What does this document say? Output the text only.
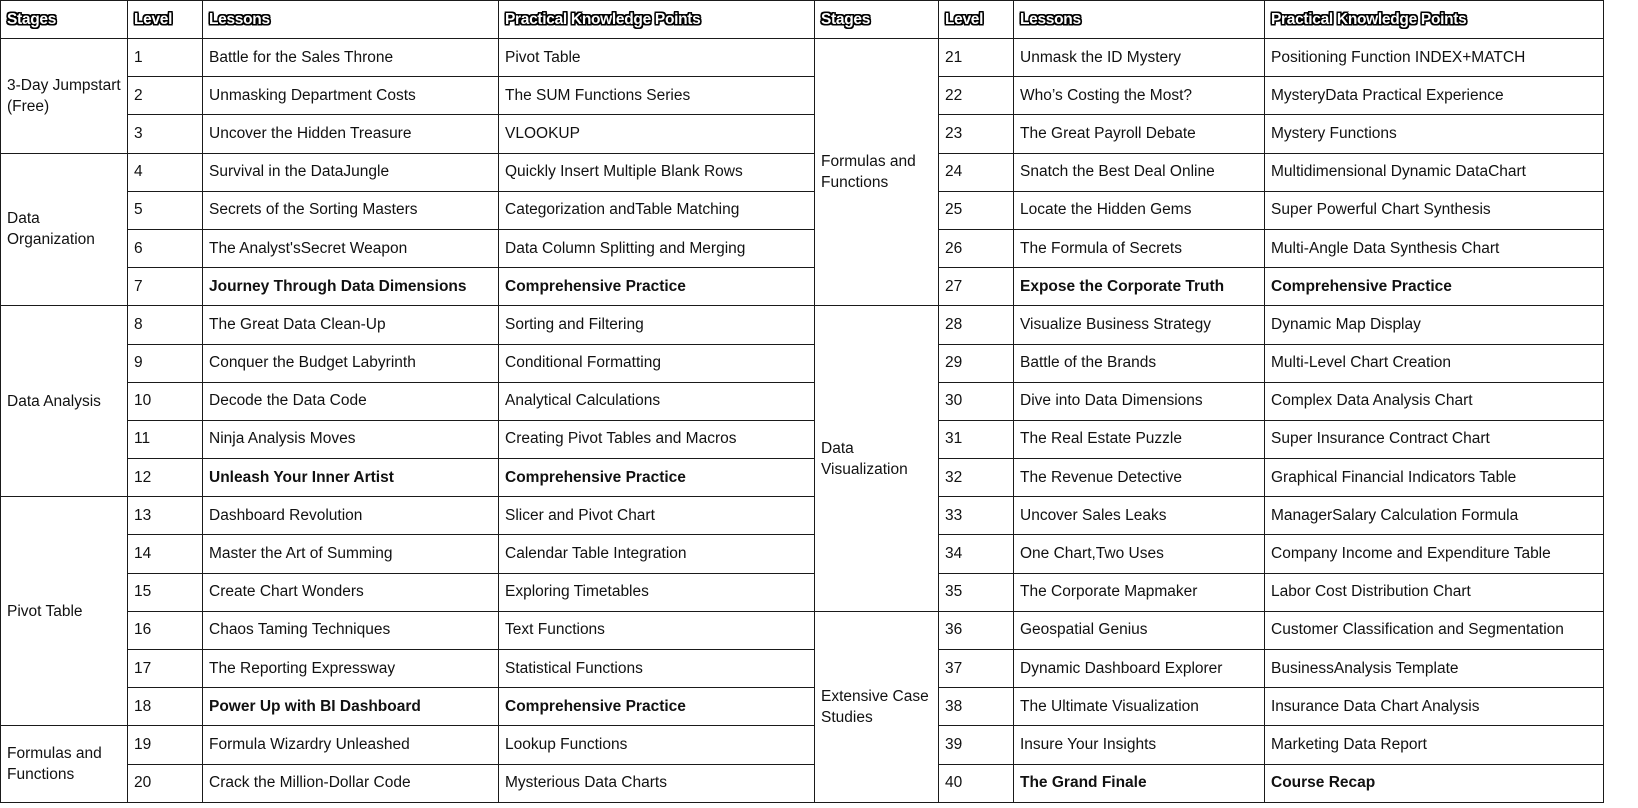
Stages	Level	Lessons	Practical Knowledge Points	Stages	Level	Lessons	Practical Knowledge Points
3-Day Jumpstart (Free)	1	Battle for the Sales Throne	Pivot Table	Formulas and Functions	21	Unmask the ID Mystery	Positioning Function INDEX+MATCH
	2	Unmasking Department Costs	The SUM Functions Series		22	Who’s Costing the Most?	MysteryData Practical Experience
	3	Uncover the Hidden Treasure	VLOOKUP		23	The Great Payroll Debate	Mystery Functions
Data Organization	4	Survival in the DataJungle	Quickly Insert Multiple Blank Rows		24	Snatch the Best Deal Online	Multidimensional Dynamic DataChart
	5	Secrets of the Sorting Masters	Categorization andTable Matching		25	Locate the Hidden Gems	Super Powerful Chart Synthesis
	6	The Analyst'sSecret Weapon	Data Column Splitting and Merging		26	The Formula of Secrets	Multi-Angle Data Synthesis Chart
	7	Journey Through Data Dimensions	Comprehensive Practice		27	Expose the Corporate Truth	Comprehensive Practice
Data Analysis	8	The Great Data Clean-Up	Sorting and Filtering	Data Visualization	28	Visualize Business Strategy	Dynamic Map Display
	9	Conquer the Budget Labyrinth	Conditional Formatting		29	Battle of the Brands	Multi-Level Chart Creation
	10	Decode the Data Code	Analytical Calculations		30	Dive into Data Dimensions	Complex Data Analysis Chart
	11	Ninja Analysis Moves	Creating Pivot Tables and Macros		31	The Real Estate Puzzle	Super Insurance Contract Chart
	12	Unleash Your Inner Artist	Comprehensive Practice		32	The Revenue Detective	Graphical Financial Indicators Table
Pivot Table	13	Dashboard Revolution	Slicer and Pivot Chart		33	Uncover Sales Leaks	ManagerSalary Calculation Formula
	14	Master the Art of Summing	Calendar Table Integration		34	One Chart,Two Uses	Company Income and Expenditure Table
	15	Create Chart Wonders	Exploring Timetables		35	The Corporate Mapmaker	Labor Cost Distribution Chart
	16	Chaos Taming Techniques	Text Functions	Extensive Case Studies	36	Geospatial Genius	Customer Classification and Segmentation
	17	The Reporting Expressway	Statistical Functions		37	Dynamic Dashboard Explorer	BusinessAnalysis Template
	18	Power Up with BI Dashboard	Comprehensive Practice		38	The Ultimate Visualization	Insurance Data Chart Analysis
Formulas and Functions	19	Formula Wizardry Unleashed	Lookup Functions		39	Insure Your Insights	Marketing Data Report
	20	Crack the Million-Dollar Code	Mysterious Data Charts		40	The Grand Finale	Course Recap
